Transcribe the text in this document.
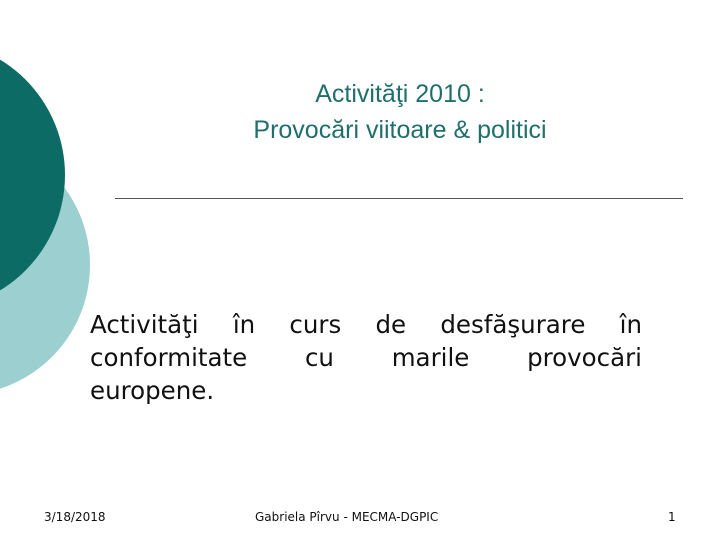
Activităţi 2010 :
Provocări viitoare & politici
Activităţi în curs de desfăşurare în
conformitate cu marile provocări
europene.
3/18/2018	Gabriela Pîrvu - MECMA-DGPIC	1
